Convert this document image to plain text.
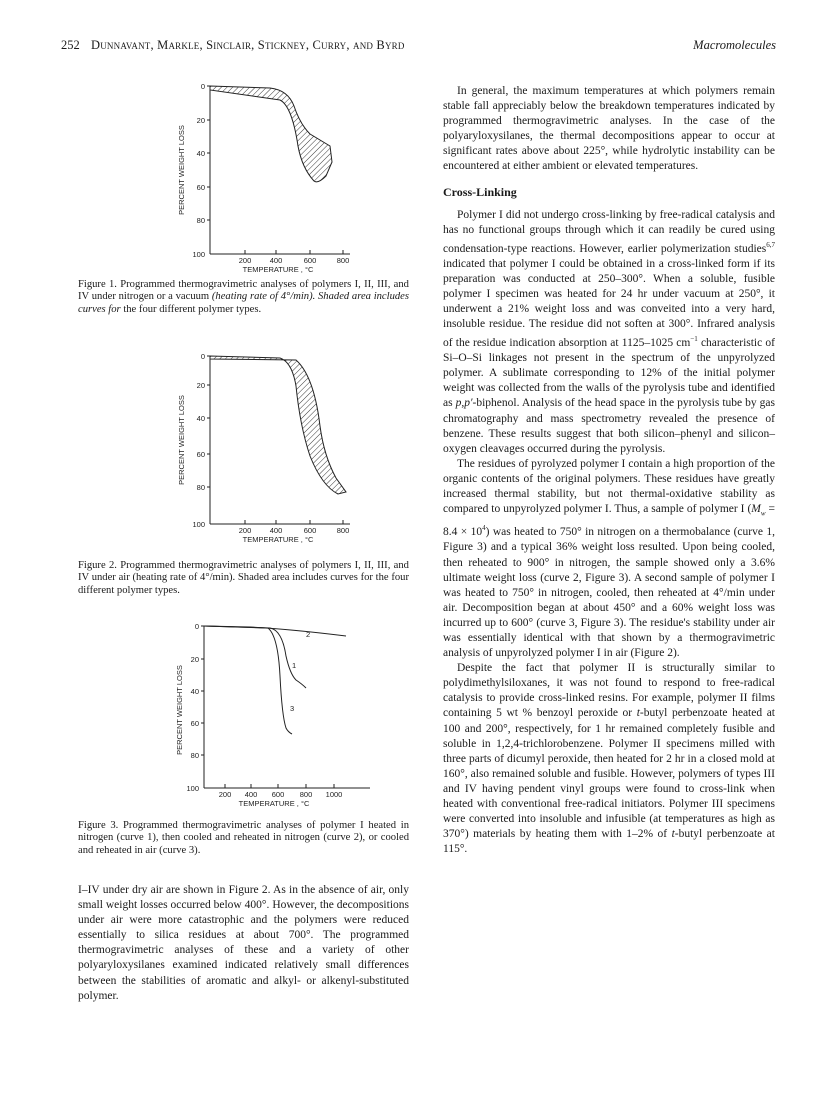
252 Dunnavant, Markle, Sinclair, Stickney, Curry, and Byrd	Macromolecules
0
20
40
60
80
100
200 400	600	800
TEMPERATURE , °C
PERCENT WEIGHT LOSS
Figure 1. Programmed thermogravimetric analyses of polymers I, II, III, and IV under nitrogen or a vacuum (heating rate of 4°/min). Shaded area includes curves for the four different polymer types.
0
20
40
60
80
100
200 400	600	800
TEMPERATURE , °C
PERCENT WEIGHT LOSS
Figure 2. Programmed thermogravimetric analyses of polymers I, II, III, and IV under air (heating rate of 4°/min). Shaded area includes curves for the four different polymer types.
0
20
40
60
80
100
200 400 600 800 1000
TEMPERATURE , °C
PERCENT WEIGHT LOSS
2
1
3
Figure 3. Programmed thermogravimetric analyses of polymer I heated in nitrogen (curve 1), then cooled and reheated in nitrogen (curve 2), or cooled and reheated in air (curve 3).

I–IV under dry air are shown in Figure 2. As in the absence of air, only small weight losses occurred below 400°. However, the decompositions under air were more catastrophic and the polymers were reduced essentially to silica residues at about 700°. The programmed thermogravimetric analyses of these and a variety of other polyaryloxysilanes examined indicated relatively small differences between the stabilities of aromatic and alkyl- or alkenyl-substituted polymer.

In general, the maximum temperatures at which polymers remain stable fall appreciably below the breakdown temperatures indicated by programmed thermogravimetric analyses. In the case of the polyaryloxysilanes, the thermal decompositions appear to occur at significant rates above about 225°, while hydrolytic instability can be encountered at either ambient or elevated temperatures.

Cross-Linking

Polymer I did not undergo cross-linking by free-radical catalysis and has no functional groups through which it can readily be cured using condensation-type reactions. However, earlier polymerization studies$^{6,7}$ indicated that polymer I could be obtained in a cross-linked form if its preparation was conducted at 250–300°. When a soluble, fusible polymer I specimen was heated for 24 hr under vacuum at 250°, it underwent a 21% weight loss and was conveited into a very hard, insoluble residue. The residue did not soften at 300°. Infrared analysis of the residue indication absorption at 1125–1025 $cm^{-1}$ characteristic of Si–O–Si linkages not present in the spectrum of the unpyrolyzed polymer. A sublimate corresponding to 12% of the initial polymer weight was collected from the walls of the pyrolysis tube and identified as p,p′-biphenol. Analysis of the head space in the pyrolysis tube by gas chromatography and mass spectrometry revealed the presence of benzene. These results suggest that both silicon–phenyl and silicon–oxygen cleavages occurred during the pyrolysis.

The residues of pyrolyzed polymer I contain a high proportion of the organic contents of the original polymers. These residues have greatly increased thermal stability, but not thermal-oxidative stability as compared to unpyrolyzed polymer I. Thus, a sample of polymer I $(M_w = 8.4 \times 10^4)$ was heated to 750° in nitrogen on a thermobalance (curve 1, Figure 3) and a typical 36% weight loss resulted. Upon being cooled, then reheated to 900° in nitrogen, the sample showed only a 3.6% ultimate weight loss (curve 2, Figure 3). A second sample of polymer I was heated to 750° in nitrogen, cooled, then reheated at 4°/min under air. Decomposition began at about 450° and a 60% weight loss was incurred up to 600° (curve 3, Figure 3). The residue's stability under air was essentially identical with that shown by a thermogravimetric analysis of unpyrolyzed polymer I in air (Figure 2).

Despite the fact that polymer II is structurally similar to polydimethylsiloxanes, it was not found to respond to free-radical catalysis to provide cross-linked resins. For example, polymer II films containing 5 wt % benzoyl peroxide or t-butyl perbenzoate heated at 100 and 200°, respectively, for 1 hr remained completely fusible and soluble in 1,2,4-trichlorobenzene. Polymer II specimens milled with three parts of dicumyl peroxide, then heated for 2 hr in a closed mold at 160°, also remained soluble and fusible. However, polymers of types III and IV having pendent vinyl groups were found to cross-link when heated with conventional free-radical initiators. Polymer III specimens were converted into insoluble and infusible (at temperatures as high as 370°) materials by heating them with 1–2% of t-butyl perbenzoate at 115°.
